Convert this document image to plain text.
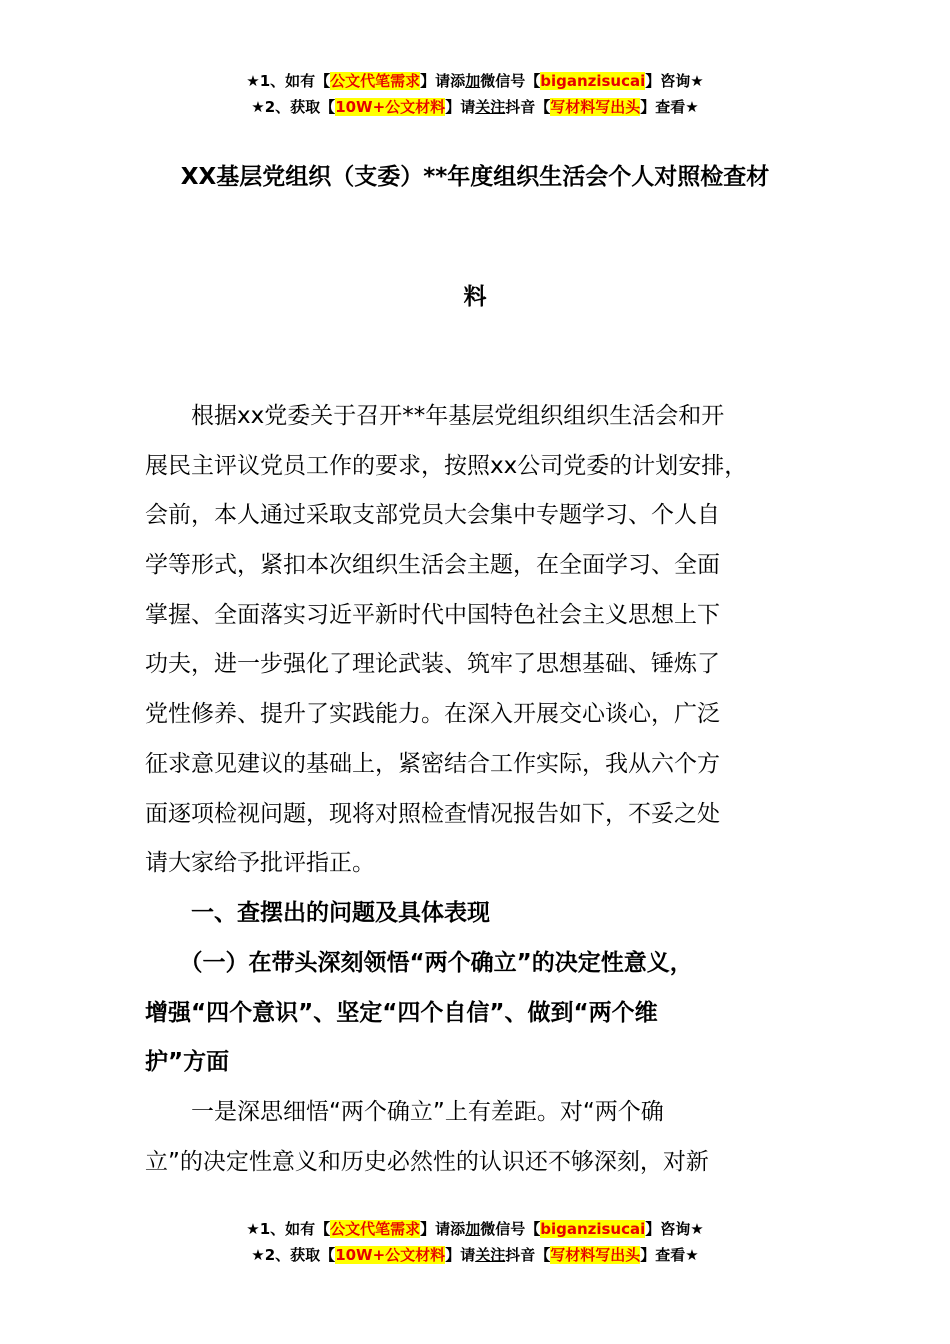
★1、如有【公文代笔需求】请添加微信号【biganzisucai】咨询★
★2、获取【10W+公文材料】请关注抖音【写材料写出头】查看★
XX基层党组织（支委）**年度组织生活会个人对照检查材
料
　　根据xx党委关于召开**年基层党组织组织生活会和开
展民主评议党员工作的要求，按照xx公司党委的计划安排，
会前，本人通过采取支部党员大会集中专题学习、个人自
学等形式，紧扣本次组织生活会主题，在全面学习、全面
掌握、全面落实习近平新时代中国特色社会主义思想上下
功夫，进一步强化了理论武装、筑牢了思想基础、锤炼了
党性修养、提升了实践能力。在深入开展交心谈心，广泛
征求意见建议的基础上，紧密结合工作实际，我从六个方
面逐项检视问题，现将对照检查情况报告如下，不妥之处
请大家给予批评指正。
　　一、查摆出的问题及具体表现
　　（一）在带头深刻领悟“两个确立”的决定性意义，
增强“四个意识”、坚定“四个自信”、做到“两个维
护”方面
　　一是深思细悟“两个确立”上有差距。对“两个确
立”的决定性意义和历史必然性的认识还不够深刻，对新
★1、如有【公文代笔需求】请添加微信号【biganzisucai】咨询★
★2、获取【10W+公文材料】请关注抖音【写材料写出头】查看★
